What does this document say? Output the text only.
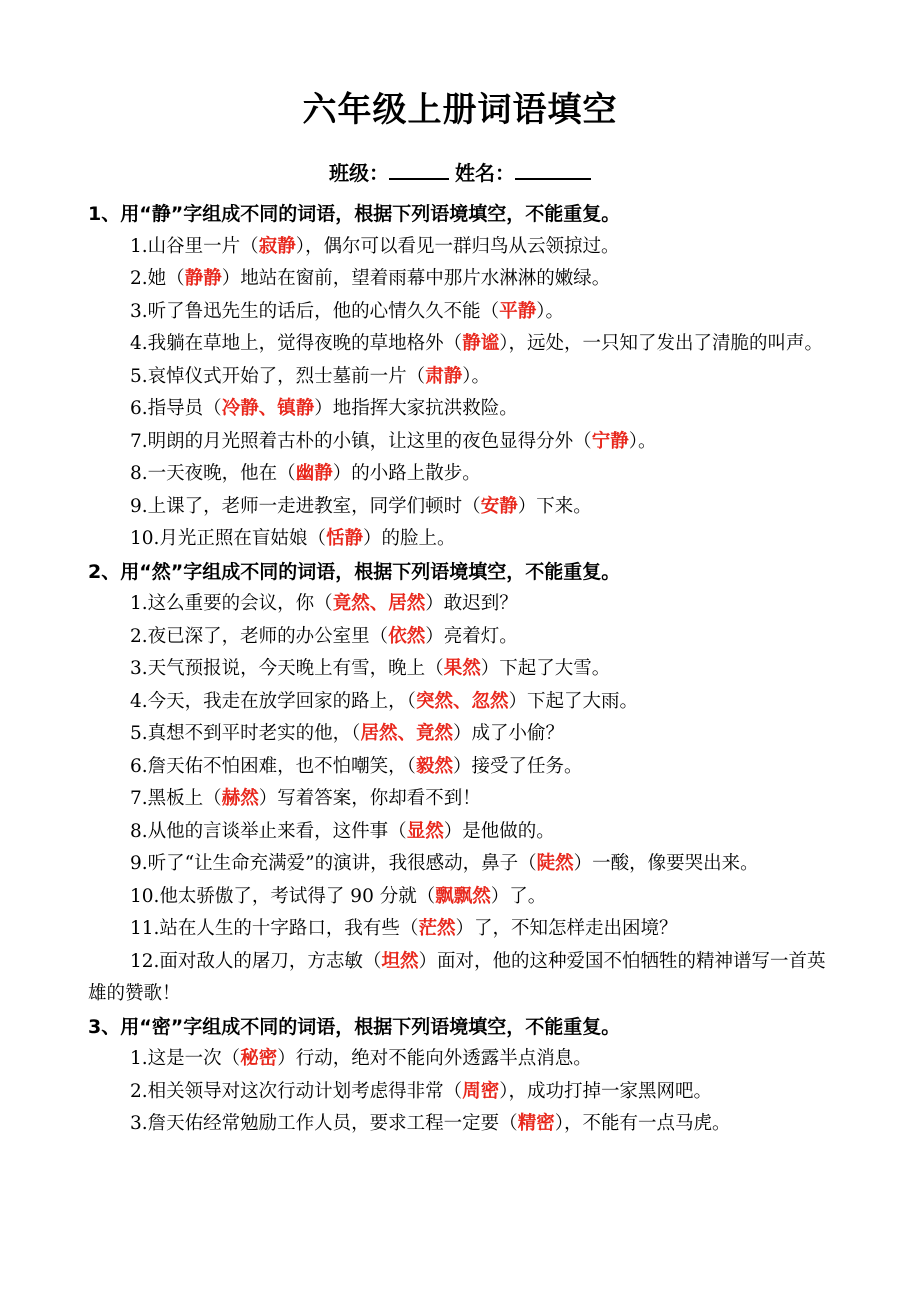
六年级上册词语填空
班级：	姓名：
1、用“静”字组成不同的词语，根据下列语境填空，不能重复。
1.山谷里一片（寂静），偶尔可以看见一群归鸟从云领掠过。
2.她（静静）地站在窗前，望着雨幕中那片水淋淋的嫩绿。
3.听了鲁迅先生的话后，他的心情久久不能（平静）。
4.我躺在草地上，觉得夜晚的草地格外（静谧），远处，一只知了发出了清脆的叫声。
5.哀悼仪式开始了，烈士墓前一片（肃静）。
6.指导员（冷静、镇静）地指挥大家抗洪救险。
7.明朗的月光照着古朴的小镇，让这里的夜色显得分外（宁静）。
8.一天夜晚，他在（幽静）的小路上散步。
9.上课了，老师一走进教室，同学们顿时（安静）下来。
10.月光正照在盲姑娘（恬静）的脸上。
2、用“然”字组成不同的词语，根据下列语境填空，不能重复。
1.这么重要的会议，你（竟然、居然）敢迟到？
2.夜已深了，老师的办公室里（依然）亮着灯。
3.天气预报说，今天晚上有雪，晚上（果然）下起了大雪。
4.今天，我走在放学回家的路上，（突然、忽然）下起了大雨。
5.真想不到平时老实的他，（居然、竟然）成了小偷？
6.詹天佑不怕困难，也不怕嘲笑，（毅然）接受了任务。
7.黑板上（赫然）写着答案，你却看不到！
8.从他的言谈举止来看，这件事（显然）是他做的。
9.听了“让生命充满爱”的演讲，我很感动，鼻子（陡然）一酸，像要哭出来。
10.他太骄傲了，考试得了 90 分就（飘飘然）了。
11.站在人生的十字路口，我有些（茫然）了，不知怎样走出困境？
12.面对敌人的屠刀，方志敏（坦然）面对，他的这种爱国不怕牺牲的精神谱写一首英雄的赞歌！
3、用“密”字组成不同的词语，根据下列语境填空，不能重复。
1.这是一次（秘密）行动，绝对不能向外透露半点消息。
2.相关领导对这次行动计划考虑得非常（周密），成功打掉一家黑网吧。
3.詹天佑经常勉励工作人员，要求工程一定要（精密），不能有一点马虎。
